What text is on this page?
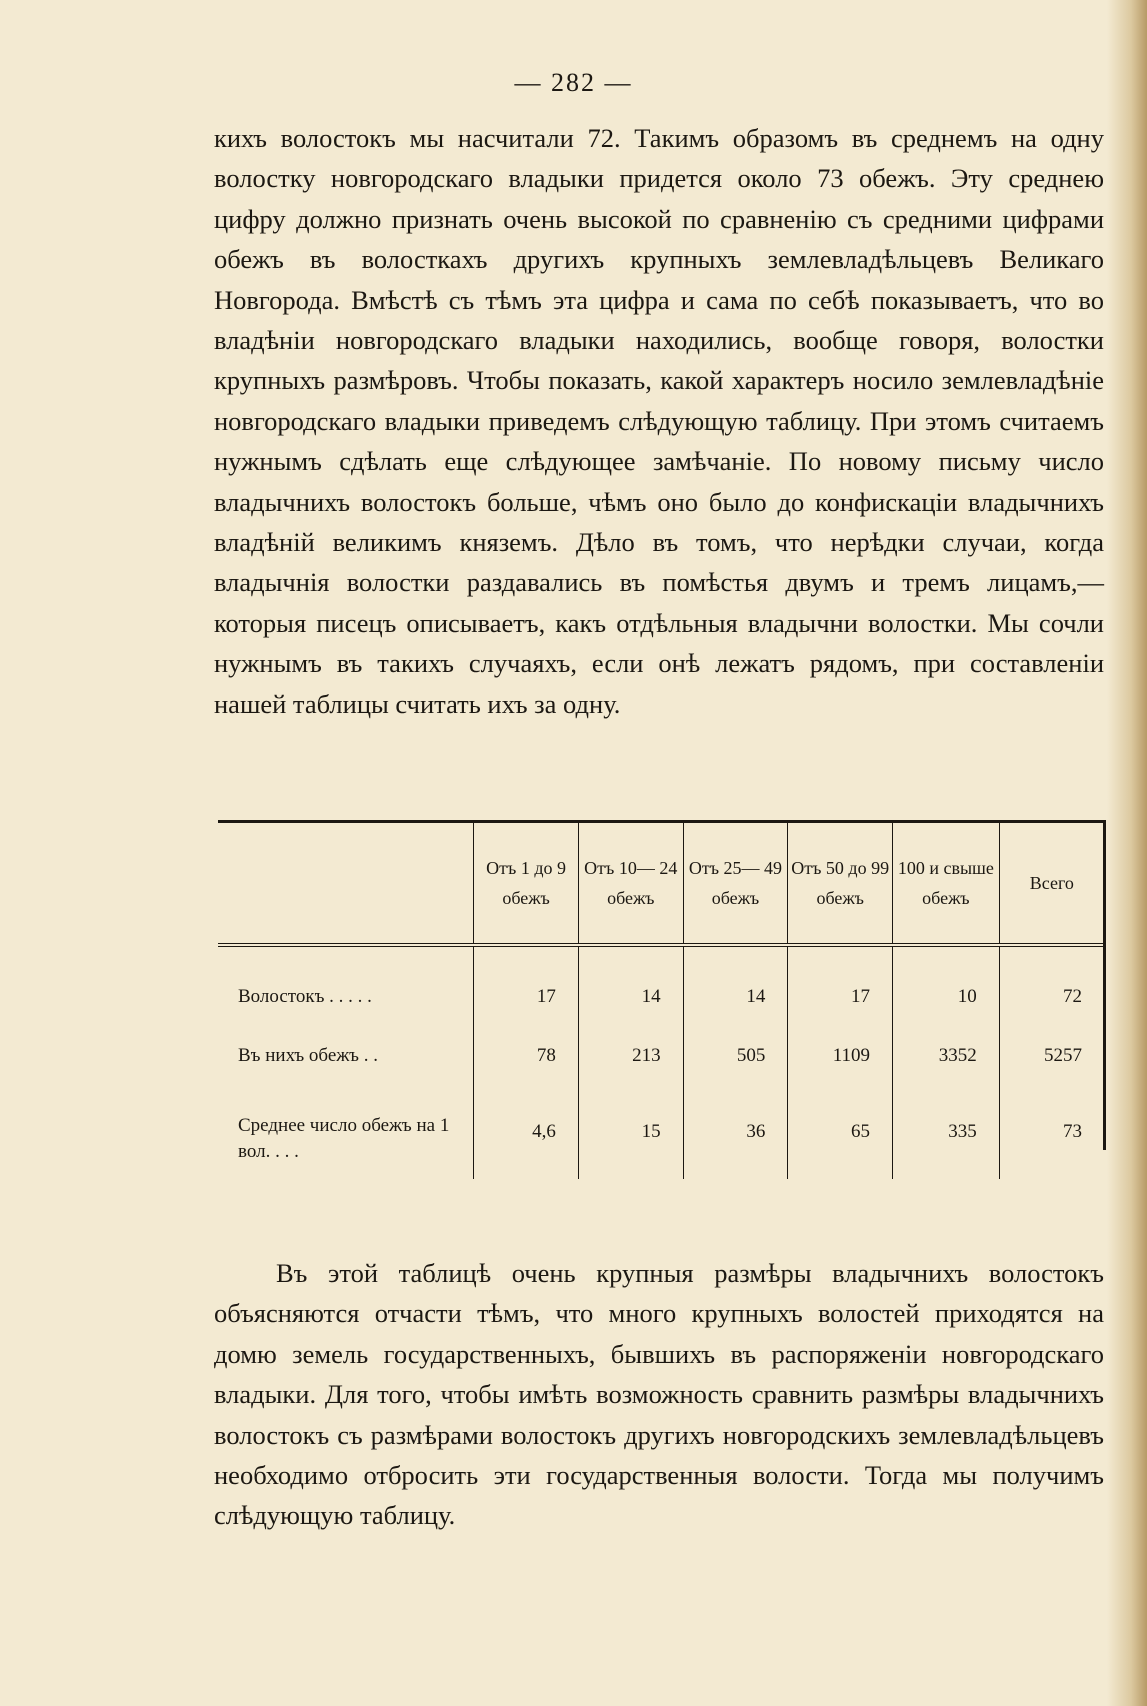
— 282 —

кихъ волостокъ мы насчитали 72. Такимъ образомъ въ среднемъ на одну волостку новгородскаго владыки придется около 73 обежъ. Эту среднею цифру должно признать очень высокой по сравненію съ средними цифрами обежъ въ волосткахъ другихъ крупныхъ землевладѣльцевъ Великаго Новгорода. Вмѣстѣ съ тѣмъ эта цифра и сама по себѣ показываетъ, что во владѣніи новгородскаго владыки находились, вообще говоря, волостки крупныхъ размѣровъ. Чтобы показать, какой характеръ носило землевладѣніе новгородскаго владыки приведемъ слѣдующую таблицу. При этомъ считаемъ нужнымъ сдѣлать еще слѣдующее замѣчаніе. По новому письму число владычнихъ волостокъ больше, чѣмъ оно было до конфискаціи владычнихъ владѣній великимъ княземъ. Дѣло въ томъ, что нерѣдки случаи, когда владычнія волостки раздавались въ помѣстья двумъ и тремъ лицамъ,—которыя писецъ описываетъ, какъ отдѣльныя владычни волостки. Мы сочли нужнымъ въ такихъ случаяхъ, если онѣ лежатъ рядомъ, при составленіи нашей таблицы считать ихъ за одну.

	Отъ 1 до 9 обежъ	Отъ 10— 24 обежъ	Отъ 25— 49 обежъ	Отъ 50 до 99 обежъ	100 и свыше обежъ	Всего

Волостокъ . . . . .	17	14	14	17	10	72
Въ нихъ обежъ . .	78	213	505	1109	3352	5257
Среднее число обежъ на 1 вол. . . .	4,6	15	36	65	335	73

Въ этой таблицѣ очень крупныя размѣры владычнихъ волостокъ объясняются отчасти тѣмъ, что много крупныхъ волостей приходятся на домю земель государственныхъ, бывшихъ въ распоряженіи новгородскаго владыки. Для того, чтобы имѣть возможность сравнить размѣры владычнихъ волостокъ съ размѣрами волостокъ другихъ новгородскихъ землевладѣльцевъ необходимо отбросить эти государственныя волости. Тогда мы получимъ слѣдующую таблицу.
